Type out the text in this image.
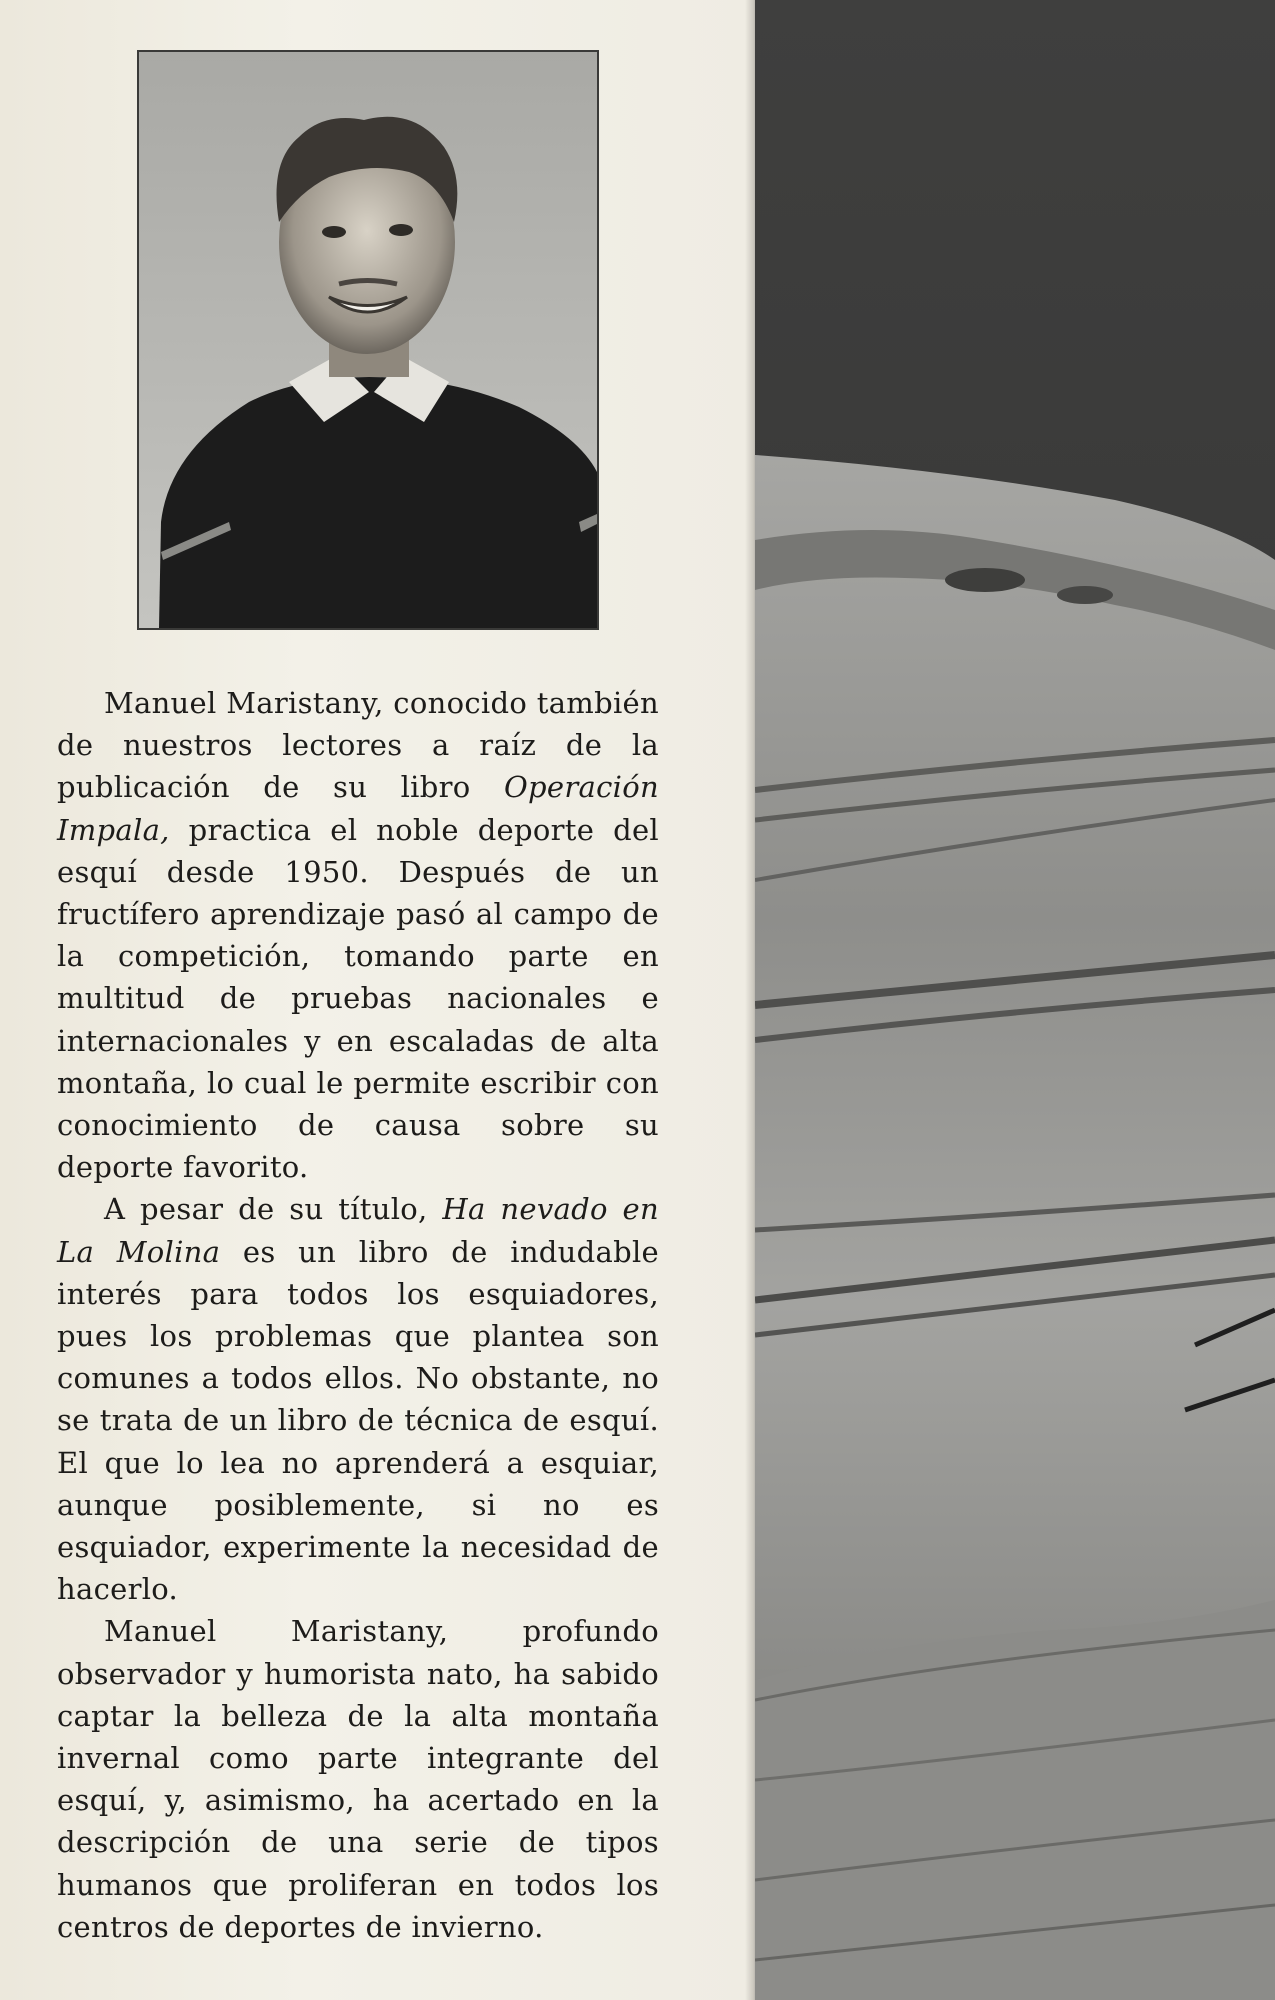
Manuel Maristany, conocido también de nuestros lectores a raíz de la publicación de su libro Operación Impala, practica el noble deporte del esquí desde 1950. Después de un fructífero aprendizaje pasó al campo de la competición, tomando parte en multitud de pruebas nacionales e internacionales y en escaladas de alta montaña, lo cual le permite escribir con conocimiento de causa sobre su deporte favorito.

A pesar de su título, Ha nevado en La Molina es un libro de indudable interés para todos los esquiadores, pues los problemas que plantea son comunes a todos ellos. No obstante, no se trata de un libro de técnica de esquí. El que lo lea no aprenderá a esquiar, aunque posiblemente, si no es esquiador, experimente la necesidad de hacerlo.

Manuel Maristany, profundo observador y humorista nato, ha sabido captar la belleza de la alta montaña invernal como parte integrante del esquí, y, asimismo, ha acertado en la descripción de una serie de tipos humanos que proliferan en todos los centros de deportes de invierno.
